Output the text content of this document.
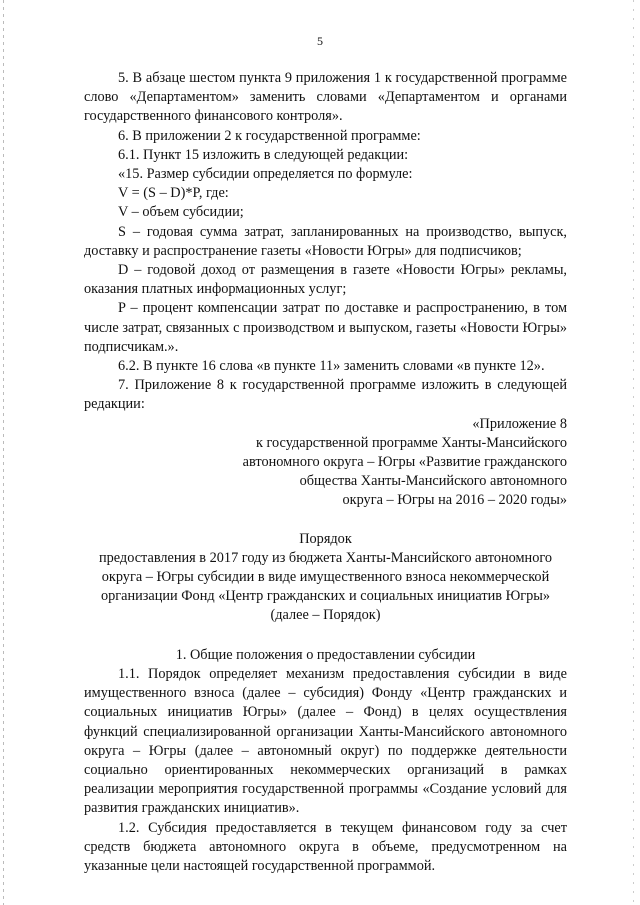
5

5. В абзаце шестом пункта 9 приложения 1 к государственной программе слово «Департаментом» заменить словами «Департаментом и органами государственного финансового контроля».

6. В приложении 2 к государственной программе:

6.1. Пункт 15 изложить в следующей редакции:

«15. Размер субсидии определяется по формуле:

V = (S – D)*P, где:

V – объем субсидии;

S – годовая сумма затрат, запланированных на производство, выпуск, доставку и распространение газеты «Новости Югры» для подписчиков;

D – годовой доход от размещения в газете «Новости Югры» рекламы, оказания платных информационных услуг;

P – процент компенсации затрат по доставке и распространению, в том числе затрат, связанных с производством и выпуском, газеты «Новости Югры» подписчикам.».

6.2. В пункте 16 слова «в пункте 11» заменить словами «в пункте 12».

7. Приложение 8 к государственной программе изложить в следующей редакции:

«Приложение 8

к государственной программе Ханты-Мансийского

автономного округа – Югры «Развитие гражданского

общества Ханты-Мансийского автономного

округа – Югры на 2016 – 2020 годы»

Порядок

предоставления в 2017 году из бюджета Ханты-Мансийского автономного

округа – Югры субсидии в виде имущественного взноса некоммерческой

организации Фонд «Центр гражданских и социальных инициатив Югры»

(далее – Порядок)

1. Общие положения о предоставлении субсидии

1.1. Порядок определяет механизм предоставления субсидии в виде имущественного взноса (далее – субсидия) Фонду «Центр гражданских и социальных инициатив Югры» (далее – Фонд) в целях осуществления функций специализированной организации Ханты-Мансийского автономного округа – Югры (далее – автономный округ) по поддержке деятельности социально ориентированных некоммерческих организаций в рамках реализации мероприятия государственной программы «Создание условий для развития гражданских инициатив».

1.2. Субсидия предоставляется в текущем финансовом году за счет средств бюджета автономного округа в объеме, предусмотренном на указанные цели настоящей государственной программой.
